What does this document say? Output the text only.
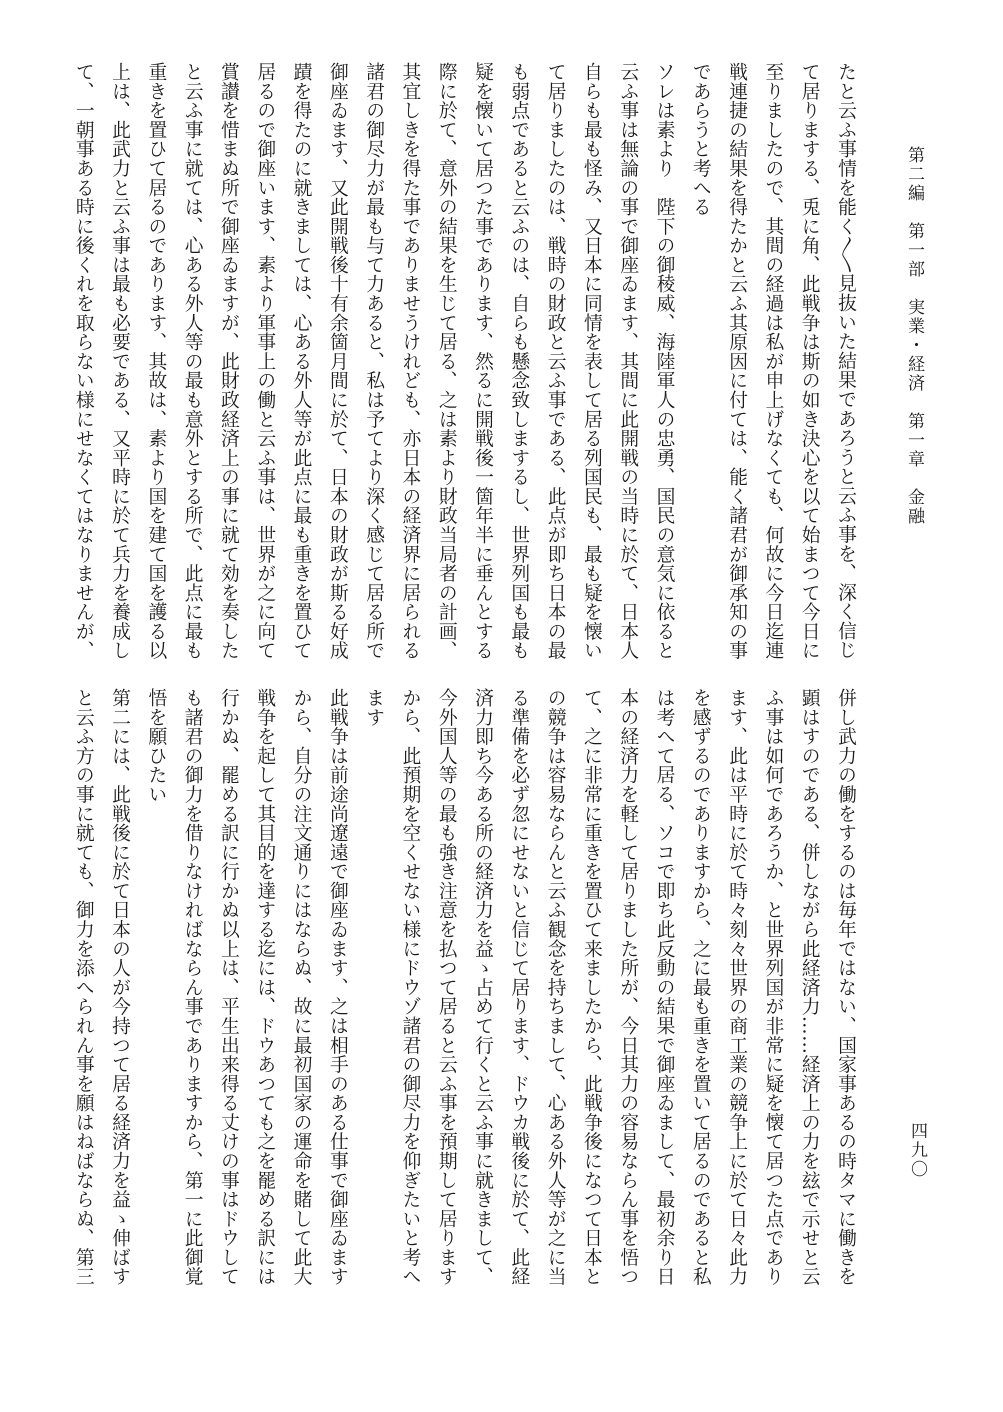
第二編　第一部　実業・経済　第一章　金融
四九〇

たと云ふ事情を能く〳〵見抜いた結果であろうと云ふ事を、深く信じ

て居りまする、兎に角、此戦争は斯の如き決心を以て始まつて今日に

至りましたので、其間の経過は私が申上げなくても、何故に今日迄連

戦連捷の結果を得たかと云ふ其原因に付ては、能く諸君が御承知の事

であらうと考へる

ソレは素より　陛下の御稜威、海陸軍人の忠勇、国民の意気に依ると

云ふ事は無論の事で御座ゐます、其間に此開戦の当時に於て、日本人

自らも最も怪み、又日本に同情を表して居る列国民も、最も疑を懐い

て居りましたのは、戦時の財政と云ふ事である、此点が即ち日本の最

も弱点であると云ふのは、自らも懸念致しまするし、世界列国も最も

疑を懐いて居つた事であります、然るに開戦後一箇年半に垂んとする

際に於て、意外の結果を生じて居る、之は素より財政当局者の計画、

其宜しきを得た事でありませうけれども、亦日本の経済界に居られる

諸君の御尽力が最も与て力あると、私は予てより深く感じて居る所で

御座ゐます、又此開戦後十有余箇月間に於て、日本の財政が斯る好成

蹟を得たのに就きましては、心ある外人等が此点に最も重きを置ひて

居るので御座います、素より軍事上の働と云ふ事は、世界が之に向て

賞讃を惜まぬ所で御座ゐますが、此財政経済上の事に就て効を奏した

と云ふ事に就ては、心ある外人等の最も意外とする所で、此点に最も

重きを置ひて居るのであります、其故は、素より国を建て国を護る以

上は、此武力と云ふ事は最も必要である、又平時に於て兵力を養成し

て、一朝事ある時に後くれを取らない様にせなくてはなりませんが、

併し武力の働をするのは毎年ではない、国家事あるの時タマに働きを

顕はすのである、併しながら此経済力……経済上の力を玆で示せと云

ふ事は如何であろうか、と世界列国が非常に疑を懐て居つた点であり

ます、此は平時に於て時々刻々世界の商工業の競争上に於て日々此力

を感ずるのでありますから、之に最も重きを置いて居るのであると私

は考へて居る、ソコで即ち此反動の結果で御座ゐまして、最初余り日

本の経済力を軽して居りました所が、今日其力の容易ならん事を悟つ

て、之に非常に重きを置ひて来ましたから、此戦争後になつて日本と

の競争は容易ならんと云ふ観念を持ちまして、心ある外人等が之に当

る準備を必ず忽にせないと信じて居ります、ドウカ戦後に於て、此経

済力即ち今ある所の経済力を益ゝ占めて行くと云ふ事に就きまして、

今外国人等の最も強き注意を払つて居ると云ふ事を預期して居ります

から、此預期を空くせない様にドウゾ諸君の御尽力を仰ぎたいと考へ

ます

此戦争は前途尚遼遠で御座ゐます、之は相手のある仕事で御座ゐます

から、自分の注文通りにはならぬ、故に最初国家の運命を賭して此大

戦争を起して其目的を達する迄には、ドウあつても之を罷める訳には

行かぬ、罷める訳に行かぬ以上は、平生出来得る丈けの事はドウして

も諸君の御力を借りなければならん事でありますから、第一に此御覚

悟を願ひたい

第二には、此戦後に於て日本の人が今持つて居る経済力を益ゝ伸ばす

と云ふ方の事に就ても、御力を添へられん事を願はねばならぬ、第三
